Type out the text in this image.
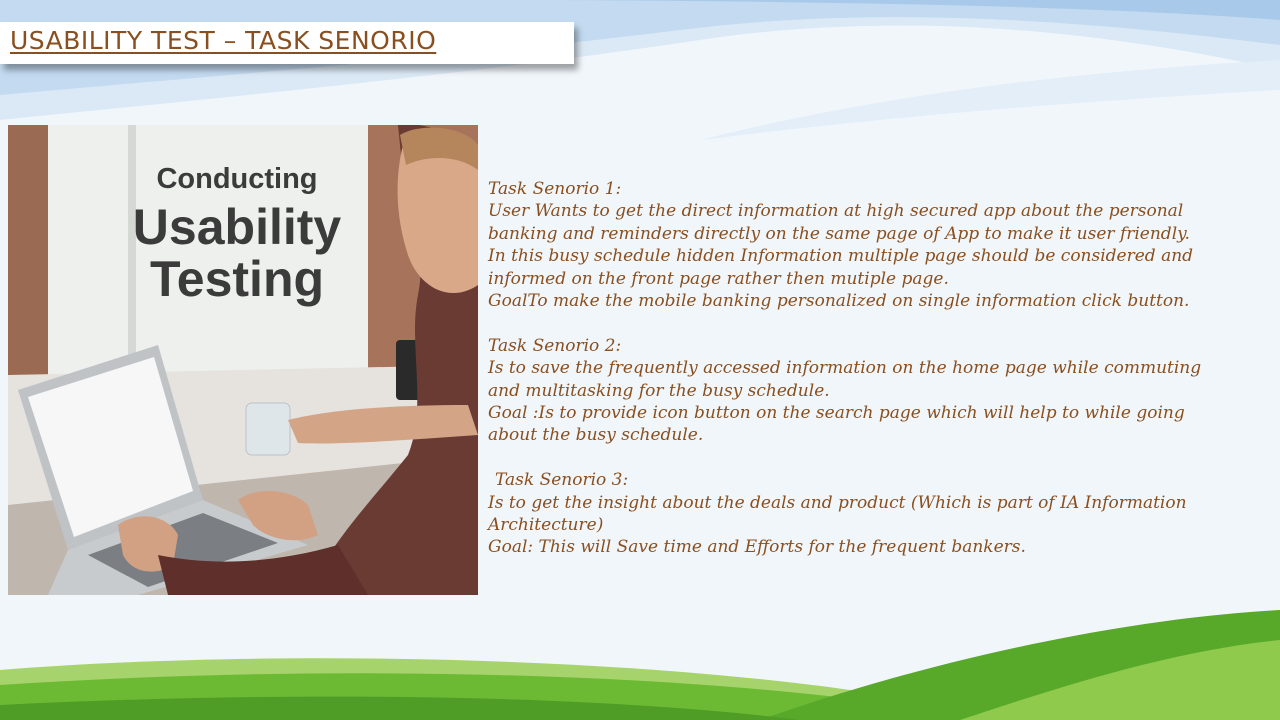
USABILITY TEST – TASK SENORIO
Conducting
Usability
Testing

Task Senorio 1:

User Wants to get the direct information at high secured app about the personal

banking and reminders directly on the same page of App to make it user friendly.

In this busy schedule hidden Information multiple page should be considered and

informed on the front page rather then mutiple page.

GoalTo make the mobile banking personalized on single information click button.

Task Senorio 2:

Is to save the frequently accessed information on the home page while commuting

and multitasking for the busy schedule.

Goal :Is to provide icon button on the search page which will help to while going

about the busy schedule.

Task Senorio 3:

Is to get the insight about the deals and product (Which is part of IA Information

Architecture)

Goal: This will Save time and Efforts for the frequent bankers.
